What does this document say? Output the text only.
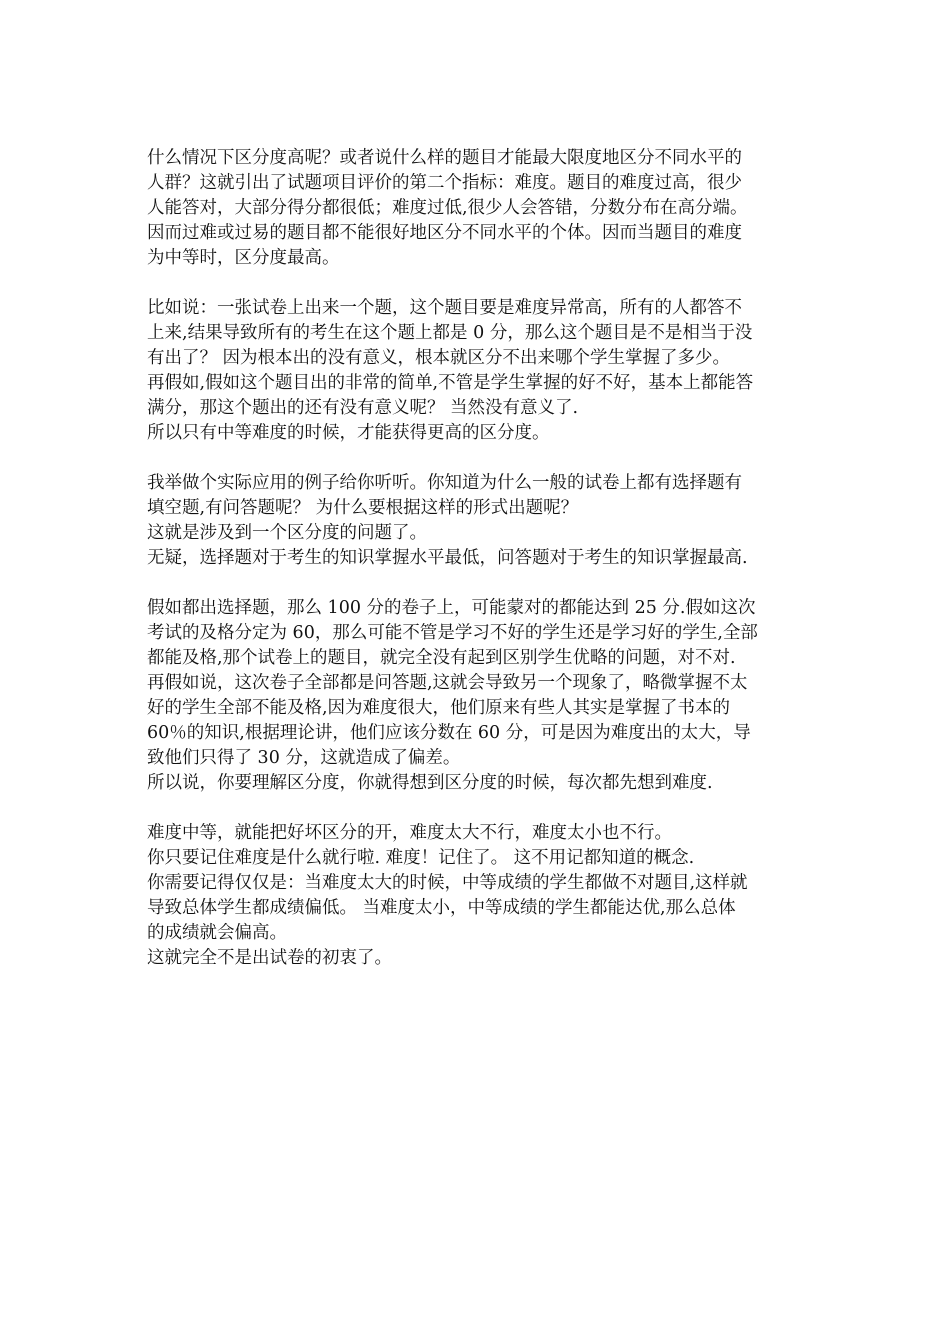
什么情况下区分度高呢？或者说什么样的题目才能最大限度地区分不同水平的
人群？这就引出了试题项目评价的第二个指标：难度。题目的难度过高，很少
人能答对，大部分得分都很低；难度过低,很少人会答错，分数分布在高分端。
因而过难或过易的题目都不能很好地区分不同水平的个体。因而当题目的难度
为中等时，区分度最高。
比如说：一张试卷上出来一个题，这个题目要是难度异常高，所有的人都答不
上来,结果导致所有的考生在这个题上都是 0 分，那么这个题目是不是相当于没
有出了？ 因为根本出的没有意义，根本就区分不出来哪个学生掌握了多少。
再假如,假如这个题目出的非常的简单,不管是学生掌握的好不好，基本上都能答
满分，那这个题出的还有没有意义呢？ 当然没有意义了.
所以只有中等难度的时候，才能获得更高的区分度。
我举做个实际应用的例子给你听听。你知道为什么一般的试卷上都有选择题有
填空题,有问答题呢？ 为什么要根据这样的形式出题呢？
这就是涉及到一个区分度的问题了。
无疑，选择题对于考生的知识掌握水平最低，问答题对于考生的知识掌握最高.
假如都出选择题，那么 100 分的卷子上，可能蒙对的都能达到 25 分.假如这次
考试的及格分定为 60，那么可能不管是学习不好的学生还是学习好的学生,全部
都能及格,那个试卷上的题目，就完全没有起到区别学生优略的问题，对不对.
再假如说，这次卷子全部都是问答题,这就会导致另一个现象了，略微掌握不太
好的学生全部不能及格,因为难度很大，他们原来有些人其实是掌握了书本的
60％的知识,根据理论讲，他们应该分数在 60 分，可是因为难度出的太大，导
致他们只得了 30 分，这就造成了偏差。
所以说，你要理解区分度，你就得想到区分度的时候，每次都先想到难度.
难度中等，就能把好坏区分的开，难度太大不行，难度太小也不行。
你只要记住难度是什么就行啦. 难度！记住了。 这不用记都知道的概念.
你需要记得仅仅是：当难度太大的时候，中等成绩的学生都做不对题目,这样就
导致总体学生都成绩偏低。 当难度太小，中等成绩的学生都能达优,那么总体
的成绩就会偏高。
这就完全不是出试卷的初衷了。
